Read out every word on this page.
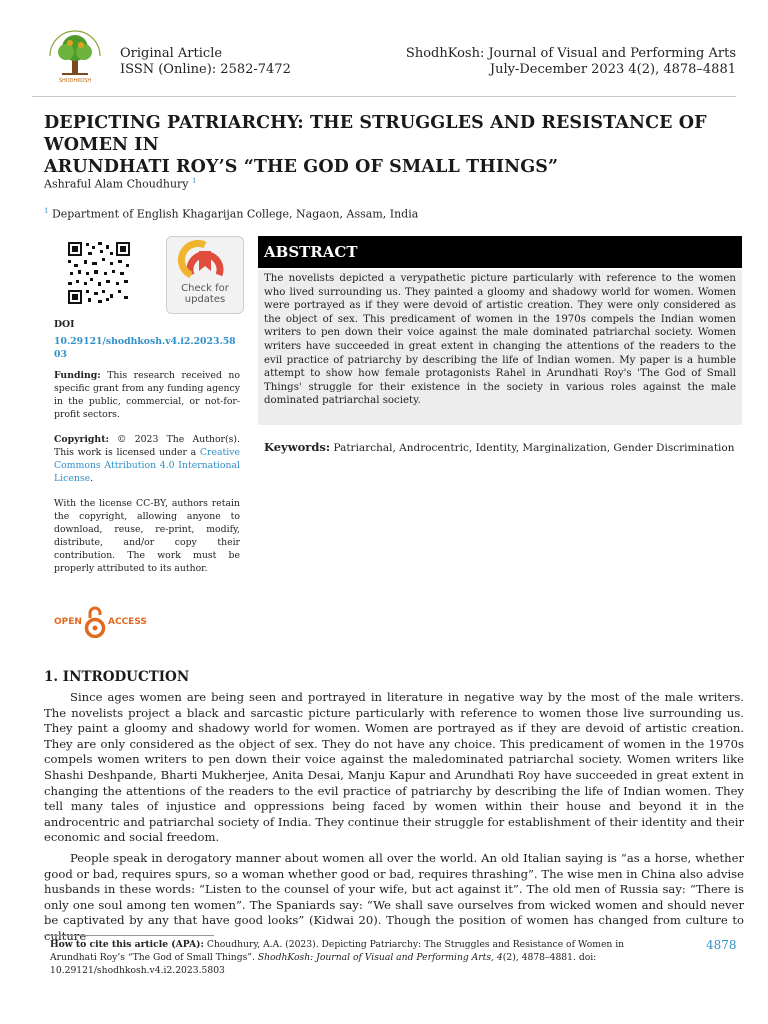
SHODHKOSH
Original Article
ISSN (Online): 2582-7472
ShodhKosh: Journal of Visual and Performing Arts
July-December 2023 4(2), 4878–4881
DEPICTING PATRIARCHY: THE STRUGGLES AND RESISTANCE OF WOMEN IN
ARUNDHATI ROY’S “THE GOD OF SMALL THINGS”
Ashraful Alam Choudhury $^1$
$^1$ Department of English Khagarijan College, Nagaon, Assam, India
Check for
updates
DOI
10.29121/shodhkosh.v4.i2.2023.5803
Funding: This research received no specific grant from any funding agency in the public, commercial, or not-for-profit sectors.
Copyright: © 2023 The Author(s). This work is licensed under a Creative Commons Attribution 4.0 International License.
With the license CC-BY, authors retain the copyright, allowing anyone to download, reuse, re-print, modify, distribute, and/or copy their contribution. The work must be properly attributed to its author.
OPEN	ACCESS
ABSTRACT
The novelists depicted a verypathetic picture particularly with reference to the women who lived surrounding us. They painted a gloomy and shadowy world for women. Women were portrayed as if they were devoid of artistic creation. They were only considered as the object of sex. This predicament of women in the 1970s compels the Indian women writers to pen down their voice against the male dominated patriarchal society. Women writers have succeeded in great extent in changing the attentions of the readers to the evil practice of patriarchy by describing the life of Indian women. My paper is a humble attempt to show how female protagonists Rahel in Arundhati Roy's 'The God of Small Things' struggle for their existence in the society in various roles against the male dominated patriarchal society.
Keywords: Patriarchal, Androcentric, Identity, Marginalization, Gender Discrimination
1. INTRODUCTION

Since ages women are being seen and portrayed in literature in negative way by the most of the male writers. The novelists project a black and sarcastic picture particularly with reference to women those live surrounding us. They paint a gloomy and shadowy world for women. Women are portrayed as if they are devoid of artistic creation. They are only considered as the object of sex. They do not have any choice. This predicament of women in the 1970s compels women writers to pen down their voice against the maledominated patriarchal society. Women writers like Shashi Deshpande, Bharti Mukherjee, Anita Desai, Manju Kapur and Arundhati Roy have succeeded in great extent in changing the attentions of the readers to the evil practice of patriarchy by describing the life of Indian women. They tell many tales of injustice and oppressions being faced by women within their house and beyond it in the androcentric and patriarchal society of India. They continue their struggle for establishment of their identity and their economic and social freedom.

People speak in derogatory manner about women all over the world. An old Italian saying is “as a horse, whether good or bad, requires spurs, so a woman whether good or bad, requires thrashing”. The wise men in China also advise husbands in these words: “Listen to the counsel of your wife, but act against it”. The old men of Russia say: “There is only one soul among ten women”. The Spaniards say: “We shall save ourselves from wicked women and should never be captivated by any that have good looks” (Kidwai 20). Though the position of women has changed from culture to

How to cite this article (APA): Choudhury, A.A. (2023). Depicting Patriarchy: The Struggles and Resistance of Women in Arundhati Roy’s “The God of Small Things”. ShodhKosh: Journal of Visual and Performing Arts, 4(2), 4878–4881. doi: 10.29121/shodhkosh.v4.i2.2023.5803
4878
